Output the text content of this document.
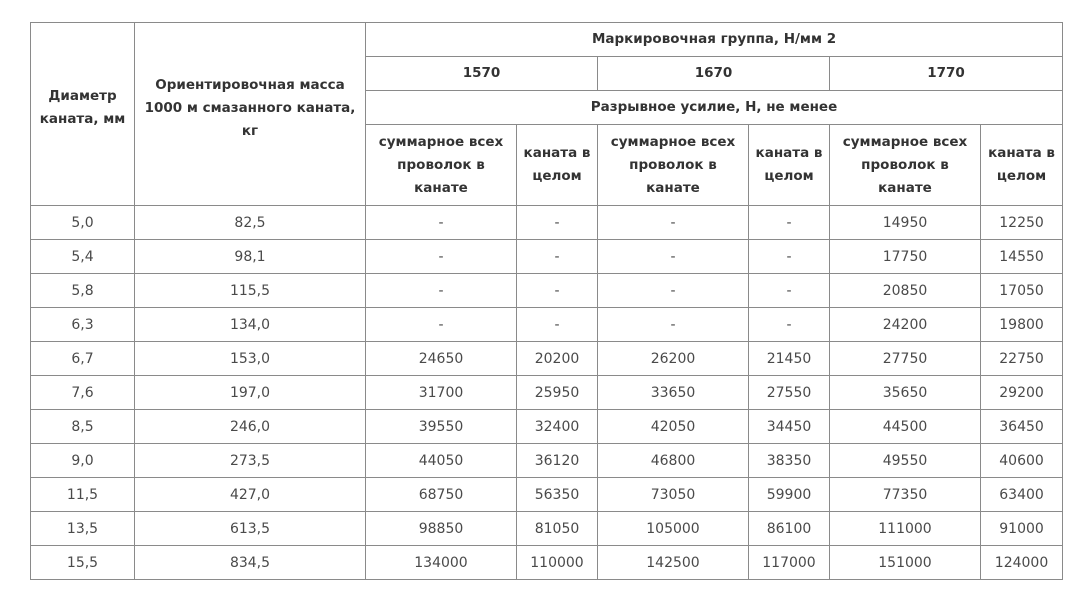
Диаметр каната, мм	Ориентировочная масса 1000 м смазанного каната, кг	Маркировочная группа, Н/мм 2					
		1570		1670		1770	
		Разрывное усилие, Н, не менее					
		суммарное всех проволок в канате	каната в целом	суммарное всех проволок в канате	каната в целом	суммарное всех проволок в канате	каната в целом
5,0	82,5	-	-	-	-	14950	12250
5,4	98,1	-	-	-	-	17750	14550
5,8	115,5	-	-	-	-	20850	17050
6,3	134,0	-	-	-	-	24200	19800
6,7	153,0	24650	20200	26200	21450	27750	22750
7,6	197,0	31700	25950	33650	27550	35650	29200
8,5	246,0	39550	32400	42050	34450	44500	36450
9,0	273,5	44050	36120	46800	38350	49550	40600
11,5	427,0	68750	56350	73050	59900	77350	63400
13,5	613,5	98850	81050	105000	86100	111000	91000
15,5	834,5	134000	110000	142500	117000	151000	124000
